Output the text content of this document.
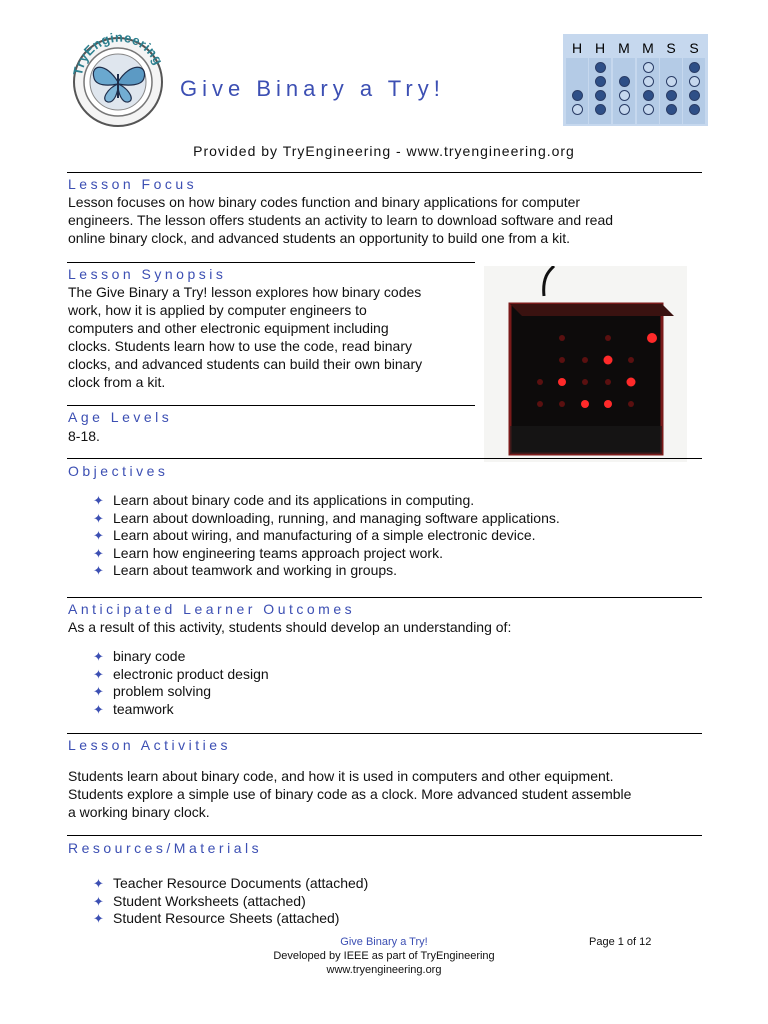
TryEngineering
Give Binary a Try!
H H M M S S
Provided by TryEngineering - www.tryengineering.org
Lesson Focus
Lesson focuses on how binary codes function and binary applications for computer
engineers. The lesson offers students an activity to learn to download software and read
online binary clock, and advanced students an opportunity to build one from a kit.
Lesson Synopsis
The Give Binary a Try! lesson explores how binary codes
work, how it is applied by computer engineers to
computers and other electronic equipment including
clocks. Students learn how to use the code, read binary
clocks, and advanced students can build their own binary
clock from a kit.
Age Levels
8-18.
Objectives
✦ Learn about binary code and its applications in computing.
✦ Learn about downloading, running, and managing software applications.
✦ Learn about wiring, and manufacturing of a simple electronic device.
✦ Learn how engineering teams approach project work.
✦ Learn about teamwork and working in groups.
Anticipated Learner Outcomes
As a result of this activity, students should develop an understanding of:
✦ binary code
✦ electronic product design
✦ problem solving
✦ teamwork
Lesson Activities
Students learn about binary code, and how it is used in computers and other equipment.
Students explore a simple use of binary code as a clock. More advanced student assemble
a working binary clock.
Resources/Materials
✦ Teacher Resource Documents (attached)
✦ Student Worksheets (attached)
✦ Student Resource Sheets (attached)
Give Binary a Try!	Page 1 of 12
Developed by IEEE as part of TryEngineering
www.tryengineering.org
